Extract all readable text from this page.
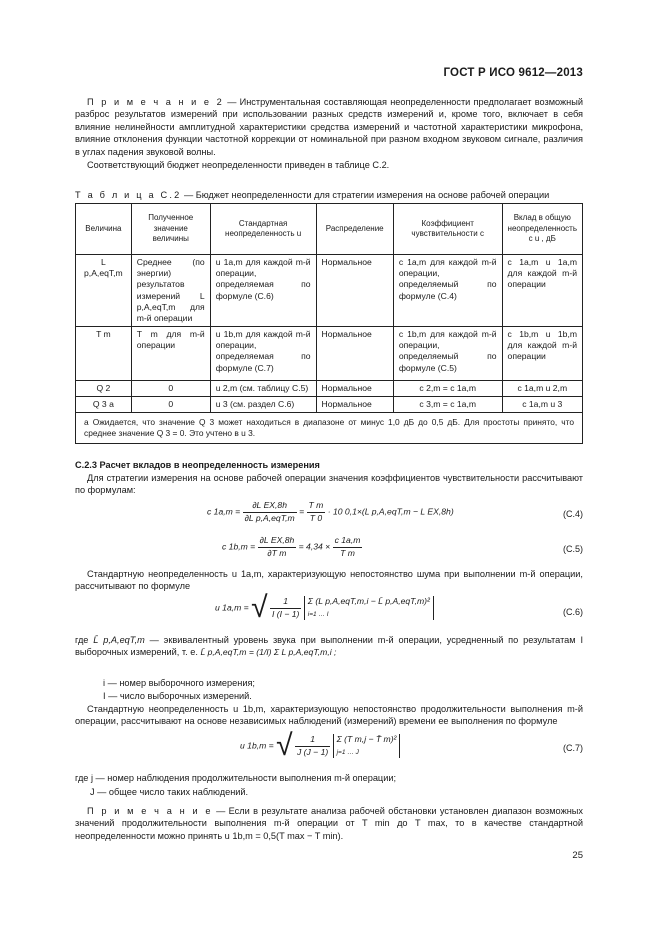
ГОСТ Р ИСО 9612—2013
П р и м е ч а н и е 2 — Инструментальная составляющая неопределенности предполагает возможный разброс результатов измерений при использовании разных средств измерений и, кроме того, включает в себя влияние нелинейности амплитудной характеристики средства измерений и частотной характеристики микрофона, влияние отклонения функции частотной коррекции от номинальной при разном входном звуковом сигнале, различия в углах падения звуковой волны.
Соответствующий бюджет неопределенности приведен в таблице С.2.
Т а б л и ц а С.2 — Бюджет неопределенности для стратегии измерения на основе рабочей операции
Величина	Полученное значение величины	Стандартная неопределенность u	Распределение	Коэффициент чувствительности c	Вклад в общую неопределенность c u , дБ
L p,A,eqT,m	Среднее (по энергии) результатов измерений L p,A,eqT,m для m-й операции	u 1a,m для каждой m-й операции, определяемая по формуле (С.6)	Нормальное	c 1a,m для каждой m-й операции, определяемый по формуле (С.4)	c 1a,m u 1a,m для каждой m-й операции
T m	T m для m-й операции	u 1b,m для каждой m-й операции, определяемая по формуле (С.7)	Нормальное	c 1b,m для каждой m-й операции, определяемый по формуле (С.5)	c 1b,m u 1b,m для каждой m-й операции
Q 2	0	u 2,m (см. таблицу С.5)	Нормальное	c 2,m = c 1a,m	c 1a,m u 2,m
Q 3 a	0	u 3 (см. раздел С.6)	Нормальное	c 3,m = c 1a,m	c 1a,m u 3
a Ожидается, что значение Q 3 может находиться в диапазоне от минус 1,0 дБ до 0,5 дБ. Для простоты принято, что среднее значение Q 3 = 0. Это учтено в u 3.					
С.2.3 Расчет вкладов в неопределенность измерения
Для стратегии измерения на основе рабочей операции значения коэффициентов чувствительности рассчитывают по формулам:
c $1a,m = \frac{\text{∂L EX,8h}}{\text{∂L p,A,eqT,m}} = \frac{\text{T m}}{T 0} \cdot 10$ 0,1×(L p,A,eqT,m − L EX,8h)	(С.4)
c $1b,m = \frac{\text{∂L EX,8h}}{\text{∂T m}} = 4,34 \times \frac{c 1a,m}{\text{T m}}$	(С.5)
Стандартную неопределенность u 1a,m, характеризующую непостоянство шума при выполнении m-й операции, рассчитывают по формуле
u 1a,m = √ $\frac{1}{I (I - 1)}$ Σ (L p,A,eqT,m,i − L̄ p,A,eqT,m)²
i=1 … I	(С.6)
где L̄ p,A,eqT,m — эквивалентный уровень звука при выполнении m-й операции, усредненный по результатам I выборочных измерений, т. е. L̄ p,A,eqT,m = (1/I) Σ L p,A,eqT,m,i ;
i — номер выборочного измерения;
I — число выборочных измерений.
Стандартную неопределенность u 1b,m, характеризующую непостоянство продолжительности выполнения m-й операции, рассчитывают на основе независимых наблюдений (измерений) времени ее выполнения по формуле
u 1b,m = √ $\frac{1}{J (J - 1)}$ Σ (T m,j − T̄ m)²
j=1 … J	(С.7)
где j — номер наблюдения продолжительности выполнения m-й операции;
J — общее число таких наблюдений.
П р и м е ч а н и е — Если в результате анализа рабочей обстановки установлен диапазон возможных значений продолжительности выполнения m-й операции от T min до T max, то в качестве стандартной неопределенности можно принять u 1b,m = 0,5(T max − T min).
25
